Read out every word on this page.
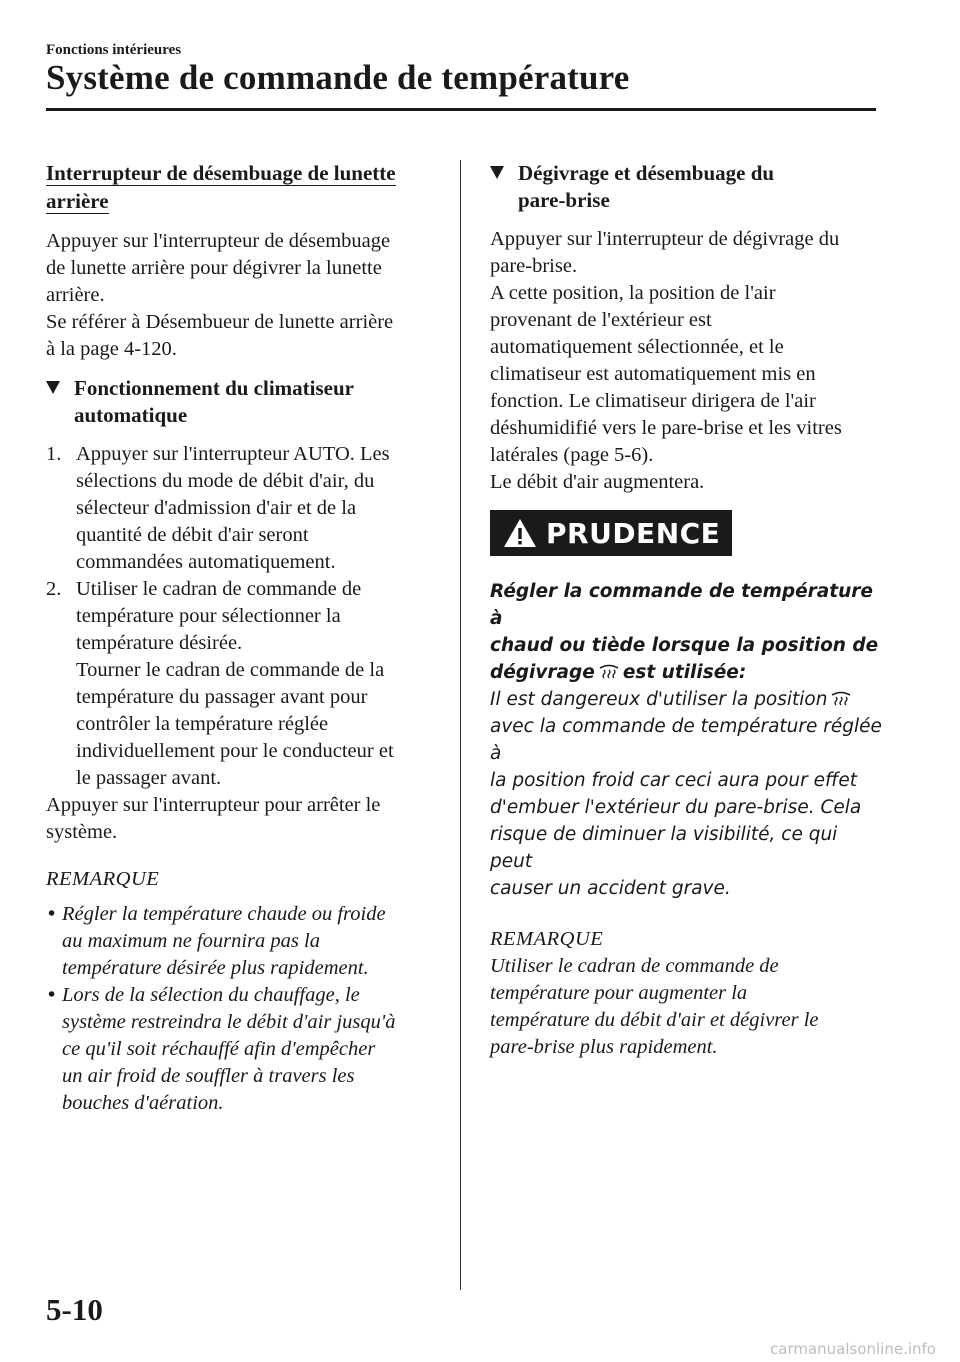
Fonctions intérieures
Système de commande de température
Interrupteur de désembuage de lunette
arrière

Appuyer sur l'interrupteur de désembuage

de lunette arrière pour dégivrer la lunette

arrière.

Se référer à Désembueur de lunette arrière

à la page 4-120.

Fonctionnement du climatiseur
automatique
1. Appuyer sur l'interrupteur AUTO. Les

sélections du mode de débit d'air, du

sélecteur d'admission d'air et de la

quantité de débit d'air seront

commandées automatiquement.

2. Utiliser le cadran de commande de

température pour sélectionner la

température désirée.

Tourner le cadran de commande de la

température du passager avant pour

contrôler la température réglée

individuellement pour le conducteur et

le passager avant.

Appuyer sur l'interrupteur pour arrêter le

système.

REMARQUE
• Régler la température chaude ou froide

au maximum ne fournira pas la

température désirée plus rapidement.

• Lors de la sélection du chauffage, le

système restreindra le débit d'air jusqu'à

ce qu'il soit réchauffé afin d'empêcher

un air froid de souffler à travers les

bouches d'aération.

Dégivrage et désembuage du
pare-brise

Appuyer sur l'interrupteur de dégivrage du

pare-brise.

A cette position, la position de l'air

provenant de l'extérieur est

automatiquement sélectionnée, et le

climatiseur est automatiquement mis en

fonction. Le climatiseur dirigera de l'air

déshumidifié vers le pare-brise et les vitres

latérales (page 5-6).

Le débit d'air augmentera.

PRUDENCE

Régler la commande de température à

chaud ou tiède lorsque la position de

dégivrage est utilisée:

Il est dangereux d'utiliser la position

avec la commande de température réglée à

la position froid car ceci aura pour effet

d'embuer l'extérieur du pare-brise. Cela

risque de diminuer la visibilité, ce qui peut

causer un accident grave.

REMARQUE

Utiliser le cadran de commande de

température pour augmenter la

température du débit d'air et dégivrer le

pare-brise plus rapidement.

5-10
carmanualsonline.info
